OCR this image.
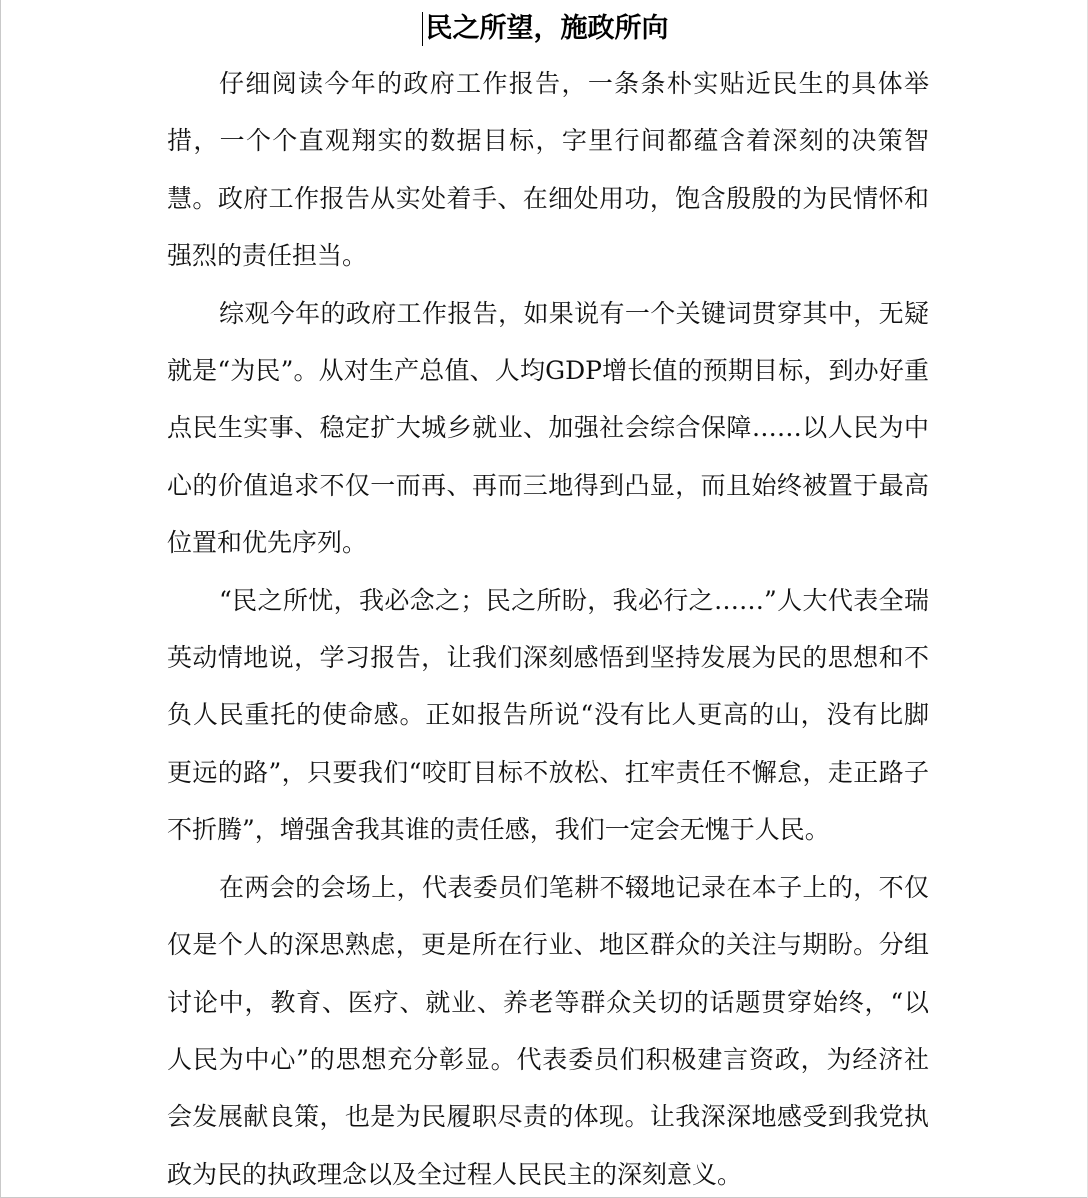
民之所望，施政所向

仔细阅读今年的政府工作报告，一条条朴实贴近民生的具体举措，一个个直观翔实的数据目标，字里行间都蕴含着深刻的决策智慧。政府工作报告从实处着手、在细处用功，饱含殷殷的为民情怀和强烈的责任担当。

综观今年的政府工作报告，如果说有一个关键词贯穿其中，无疑就是“为民”。从对生产总值、人均GDP增长值的预期目标，到办好重点民生实事、稳定扩大城乡就业、加强社会综合保障……以人民为中心的价值追求不仅一而再、再而三地得到凸显，而且始终被置于最高位置和优先序列。

“民之所忧，我必念之；民之所盼，我必行之……”人大代表全瑞英动情地说，学习报告，让我们深刻感悟到坚持发展为民的思想和不负人民重托的使命感。正如报告所说“没有比人更高的山，没有比脚更远的路”，只要我们“咬盯目标不放松、扛牢责任不懈怠，走正路子不折腾”，增强舍我其谁的责任感，我们一定会无愧于人民。

在两会的会场上，代表委员们笔耕不辍地记录在本子上的，不仅仅是个人的深思熟虑，更是所在行业、地区群众的关注与期盼。分组讨论中，教育、医疗、就业、养老等群众关切的话题贯穿始终，“以人民为中心”的思想充分彰显。代表委员们积极建言资政，为经济社会发展献良策，也是为民履职尽责的体现。让我深深地感受到我党执政为民的执政理念以及全过程人民民主的深刻意义。
